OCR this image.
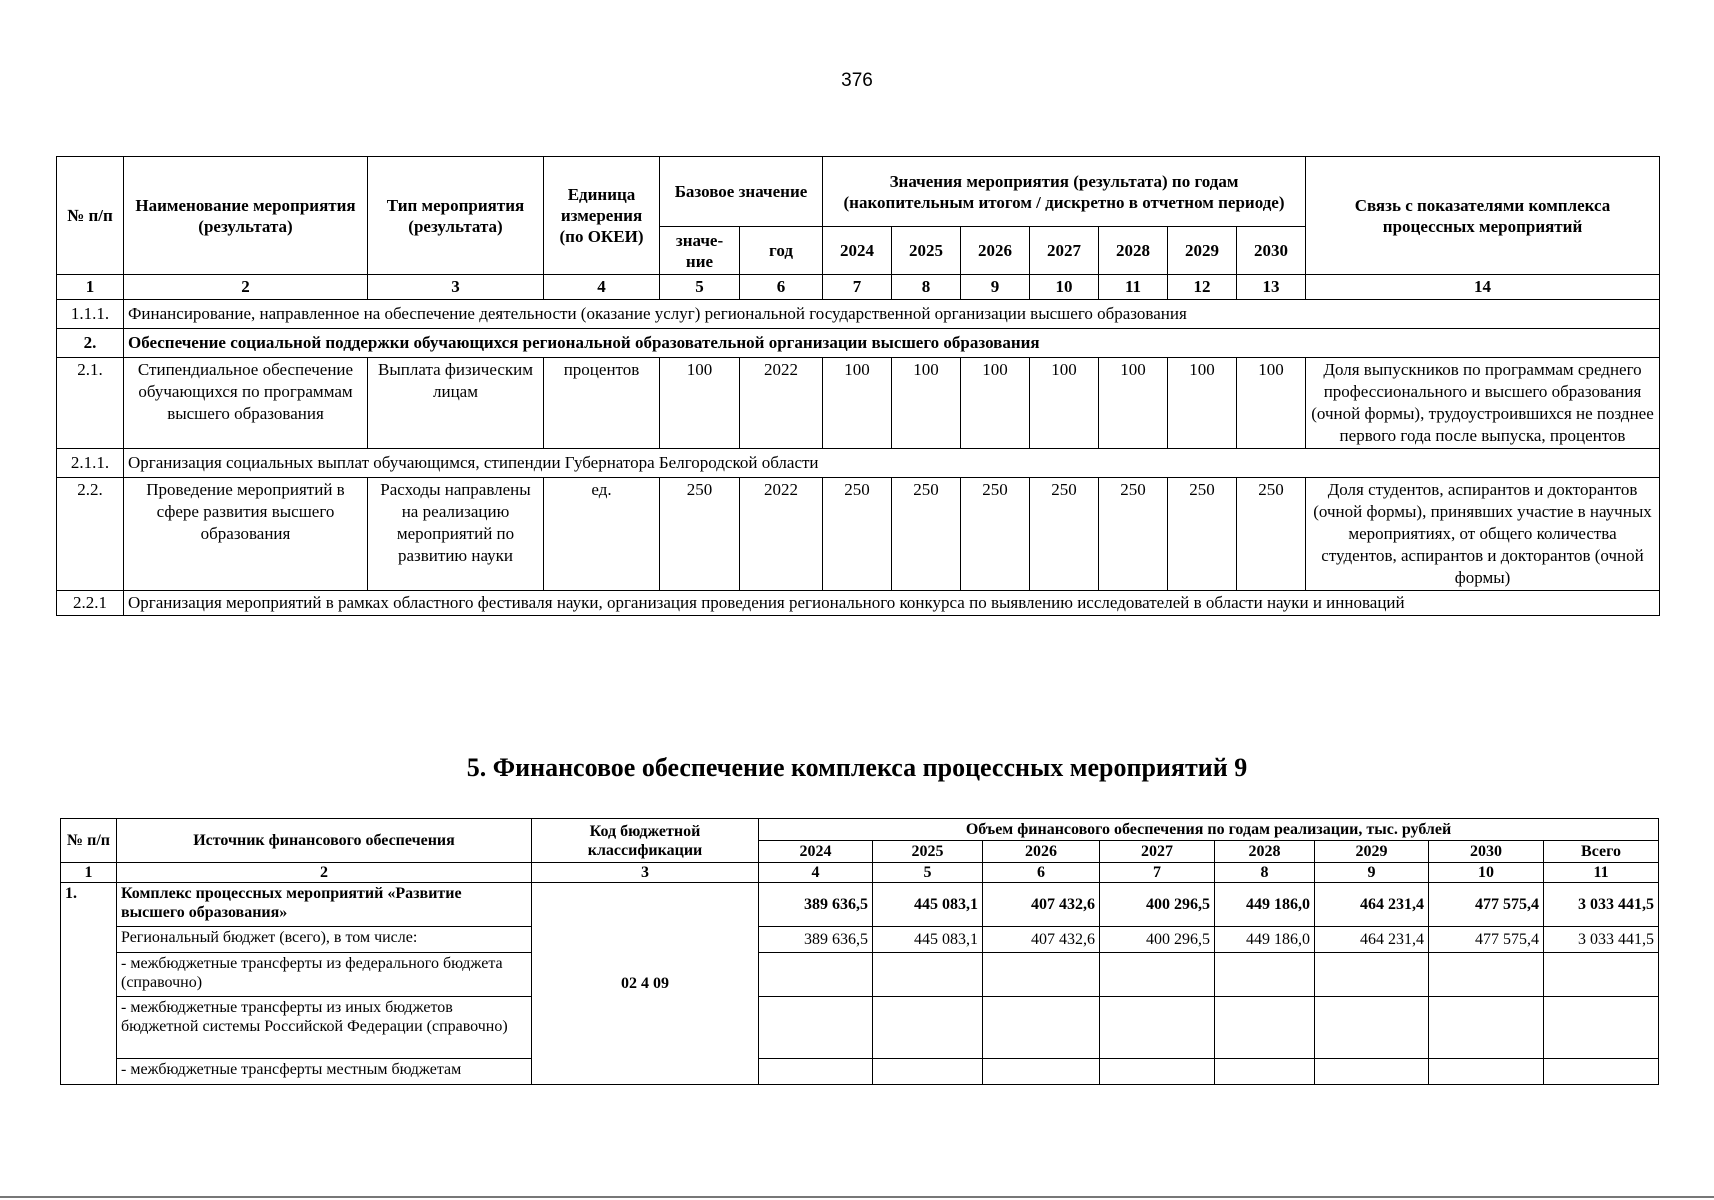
376
№ п/п	Наименование мероприятия (результата)	Тип мероприятия (результата)	Единица измерения (по ОКЕИ)	Базовое значение		Значения мероприятия (результата) по годам (накопительным итогом / дискретно в отчетном периоде)							Связь с показателями комплекса процессных мероприятий
				значе-ние	год	2024	2025	2026	2027	2028	2029	2030	
1	2	3	4	5	6	7	8	9	10	11	12	13	14
1.1.1.	Финансирование, направленное на обеспечение деятельности (оказание услуг) региональной государственной организации высшего образования												
2.	Обеспечение социальной поддержки обучающихся региональной образовательной организации высшего образования												
2.1.	Стипендиальное обеспечение обучающихся по программам высшего образования	Выплата физическим лицам	процентов	100	2022	100	100	100	100	100	100	100	Доля выпускников по программам среднего профессионального и высшего образования (очной формы), трудоустроившихся не позднее первого года после выпуска, процентов
2.1.1.	Организация социальных выплат обучающимся, стипендии Губернатора Белгородской области												
2.2.	Проведение мероприятий в сфере развития высшего образования	Расходы направлены на реализацию мероприятий по развитию науки	ед.	250	2022	250	250	250	250	250	250	250	Доля студентов, аспирантов и докторантов (очной формы), принявших участие в научных мероприятиях, от общего количества студентов, аспирантов и докторантов (очной формы)
2.2.1	Организация мероприятий в рамках областного фестиваля науки, организация проведения регионального конкурса по выявлению исследователей в области науки и инноваций												
5. Финансовое обеспечение комплекса процессных мероприятий 9
№ п/п	Источник финансового обеспечения	Код бюджетной классификации	Объем финансового обеспечения по годам реализации, тыс. рублей							
			2024	2025	2026	2027	2028	2029	2030	Всего
1	2	3	4	5	6	7	8	9	10	11
1.	Комплекс процессных мероприятий «Развитие высшего образования»	02 4 09	389 636,5	445 083,1	407 432,6	400 296,5	449 186,0	464 231,4	477 575,4	3 033 441,5
	Региональный бюджет (всего), в том числе:		389 636,5	445 083,1	407 432,6	400 296,5	449 186,0	464 231,4	477 575,4	3 033 441,5
	- межбюджетные трансферты из федерального бюджета (справочно)									
	- межбюджетные трансферты из иных бюджетов бюджетной системы Российской Федерации (справочно)									
	- межбюджетные трансферты местным бюджетам									
